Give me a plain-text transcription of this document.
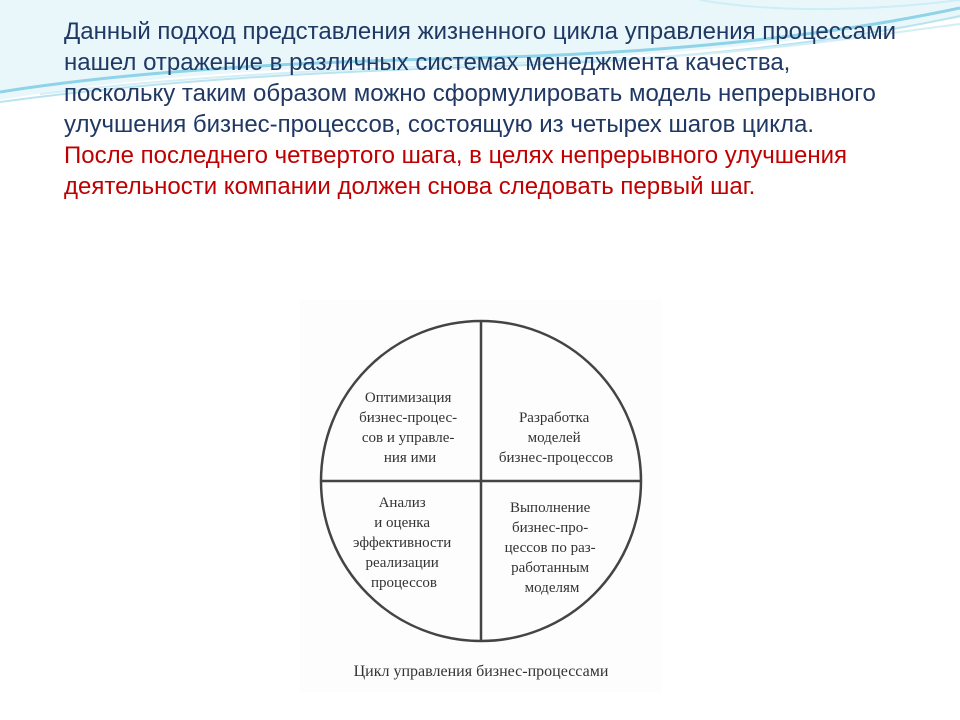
Данный подход представления жизненного цикла управления процессами нашел отражение в различных системах менеджмента качества, поскольку таким образом можно сформулировать модель непрерывного улучшения бизнес-процессов, состоящую из четырех шагов цикла.

После последнего четвертого шага, в целях непрерывного улучшения деятельности компании должен снова следовать первый шаг.

Оптимизация бизнес-процес- сов и управле- ния ими
Разработка моделей бизнес-процессов
Анализ и оценка эффективности реализации процессов
Выполнение бизнес-про- цессов по раз- работанным моделям
Цикл управления бизнес-процессами
